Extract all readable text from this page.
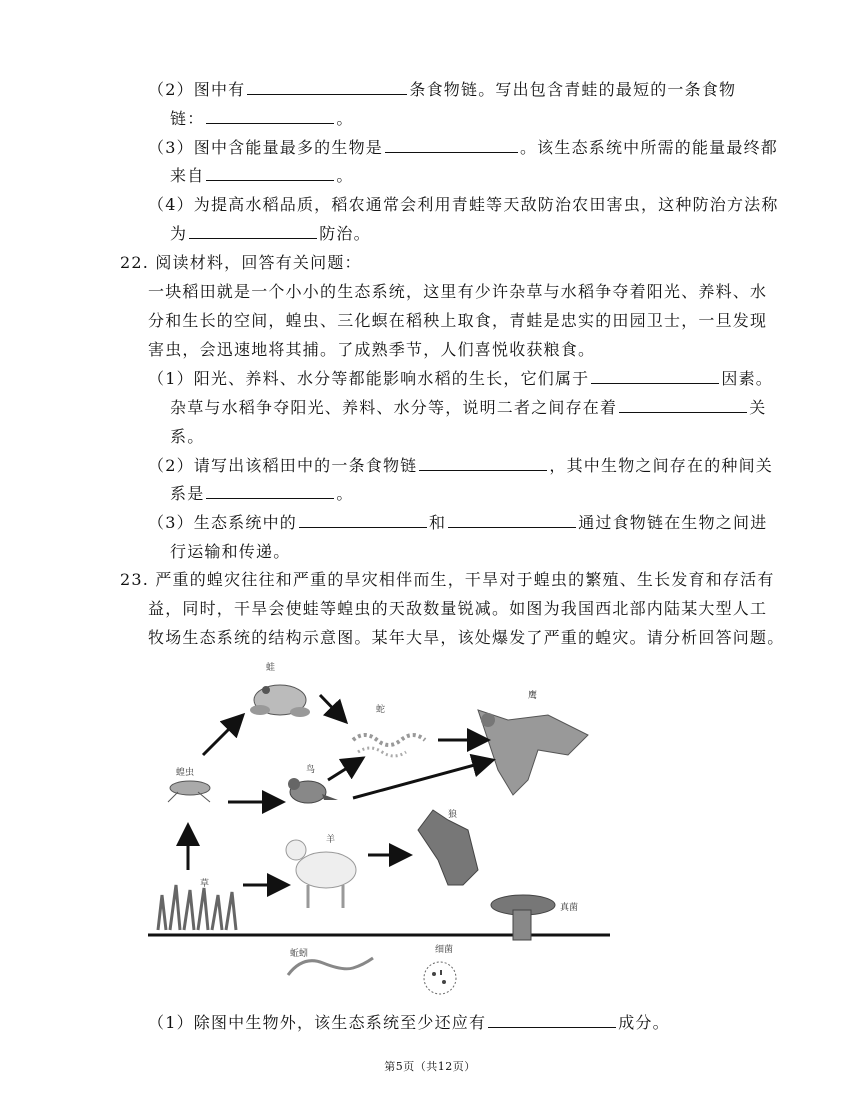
（2）图中有	条食物链。写出包含青蛙的最短的一条食物
链：	。
（3）图中含能量最多的生物是	。该生态系统中所需的能量最终都
来自	。
（4）为提高水稻品质，稻农通常会利用青蛙等天敌防治农田害虫，这种防治方法称
为	防治。
22. 阅读材料，回答有关问题：
一块稻田就是一个小小的生态系统，这里有少许杂草与水稻争夺着阳光、养料、水
分和生长的空间，蝗虫、三化螟在稻秧上取食，青蛙是忠实的田园卫士，一旦发现
害虫，会迅速地将其捕。了成熟季节，人们喜悦收获粮食。
（1）阳光、养料、水分等都能影响水稻的生长，它们属于	因素。
杂草与水稻争夺阳光、养料、水分等，说明二者之间存在着	关
系。
（2）请写出该稻田中的一条食物链	，其中生物之间存在的种间关
系是	。
（3）生态系统中的	和	通过食物链在生物之间进
行运输和传递。
23. 严重的蝗灾往往和严重的旱灾相伴而生，干旱对于蝗虫的繁殖、生长发育和存活有
益，同时，干旱会使蛙等蝗虫的天敌数量锐减。如图为我国西北部内陆某大型人工
牧场生态系统的结构示意图。某年大旱，该处爆发了严重的蝗灾。请分析回答问题。
蛙
蛇
鹰
蝗虫	鸟
羊
狼
草
真菌
蚯蚓	细菌
（1）除图中生物外，该生态系统至少还应有	成分。
第5页（共12页）
